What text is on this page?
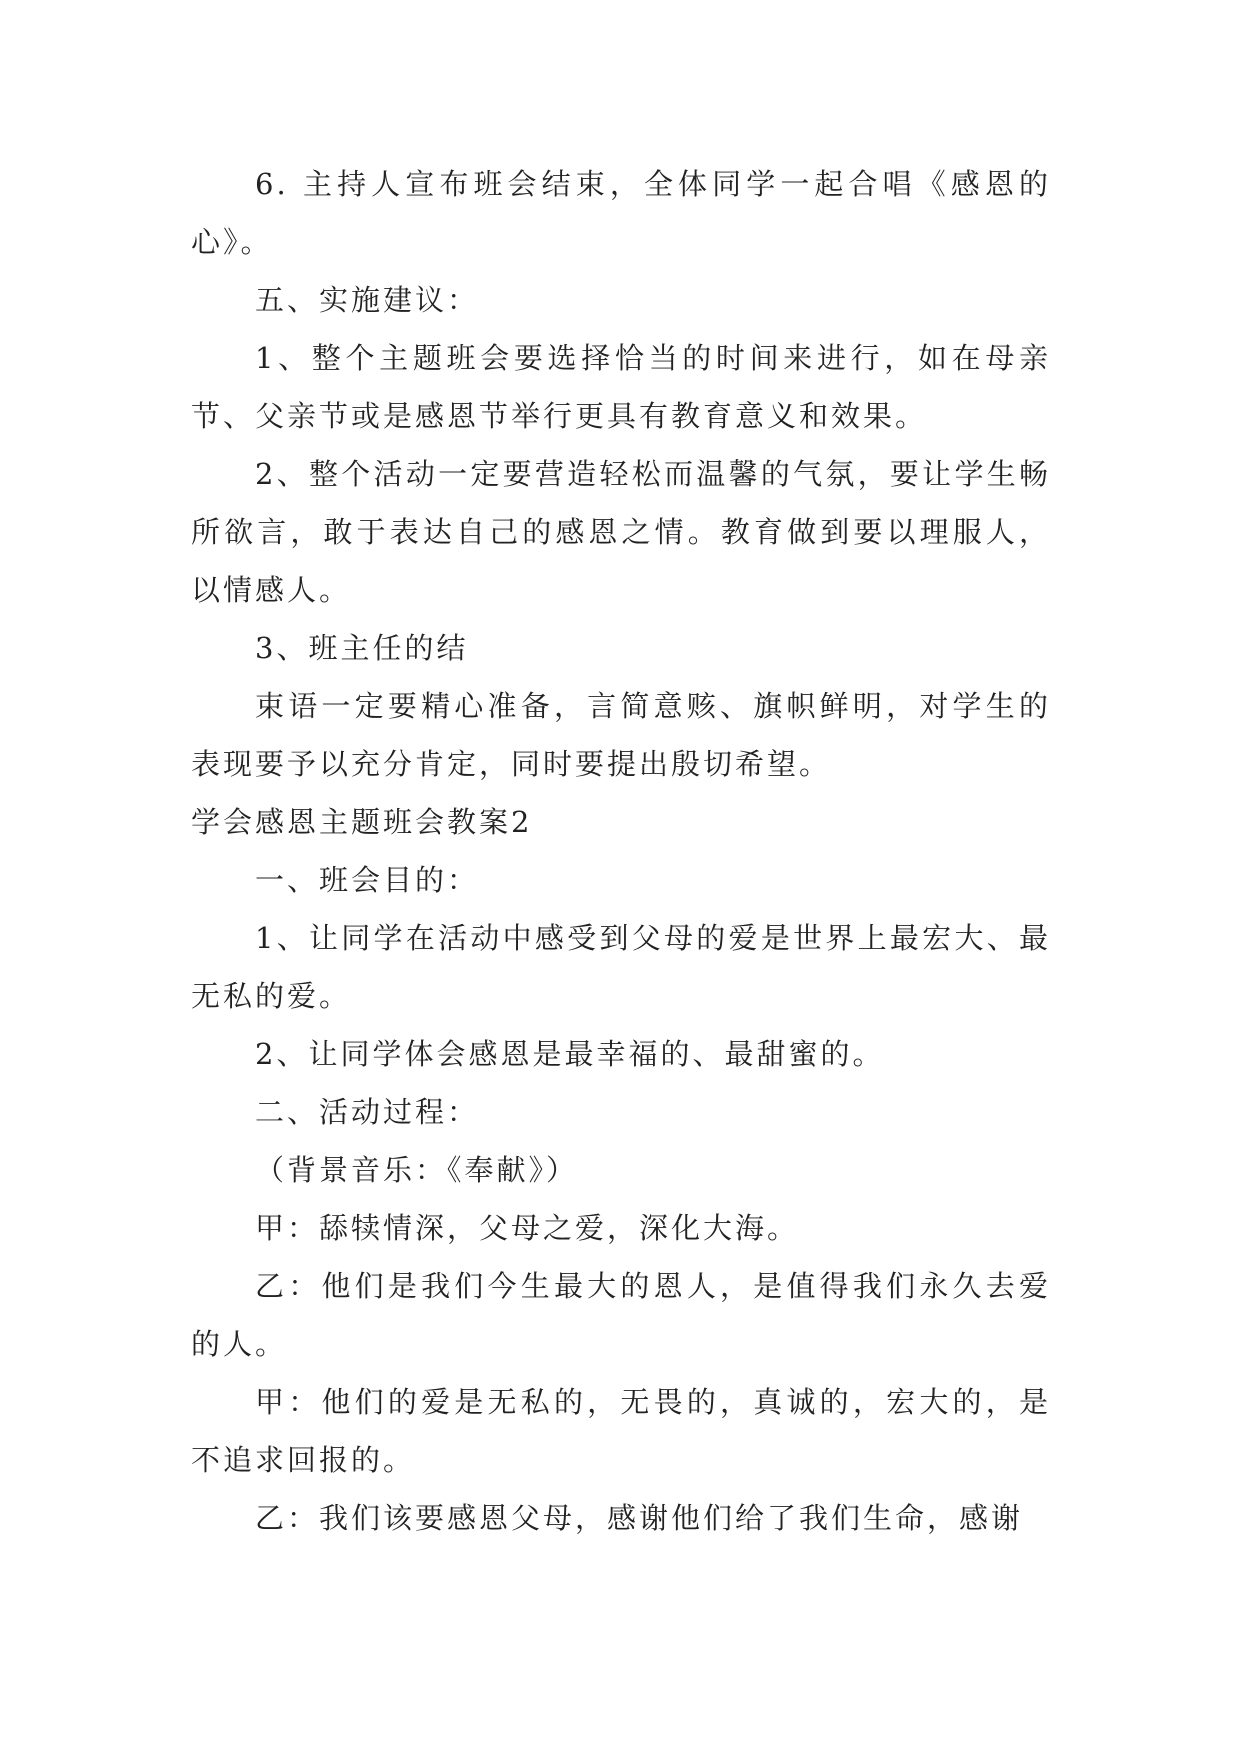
6. 主持人宣布班会结束，全体同学一起合唱《感恩的心》。

五、实施建议：

1、整个主题班会要选择恰当的时间来进行，如在母亲节、父亲节或是感恩节举行更具有教育意义和效果。

2、整个活动一定要营造轻松而温馨的气氛，要让学生畅所欲言，敢于表达自己的感恩之情。教育做到要以理服人，以情感人。

3、班主任的结

束语一定要精心准备，言简意赅、旗帜鲜明，对学生的表现要予以充分肯定，同时要提出殷切希望。

学会感恩主题班会教案2

一、班会目的：

1、让同学在活动中感受到父母的爱是世界上最宏大、最无私的爱。

2、让同学体会感恩是最幸福的、最甜蜜的。

二、活动过程：

（背景音乐：《奉献》）

甲：舔犊情深，父母之爱，深化大海。

乙：他们是我们今生最大的恩人，是值得我们永久去爱的人。

甲：他们的爱是无私的，无畏的，真诚的，宏大的，是不追求回报的。

乙：我们该要感恩父母，感谢他们给了我们生命，感谢
